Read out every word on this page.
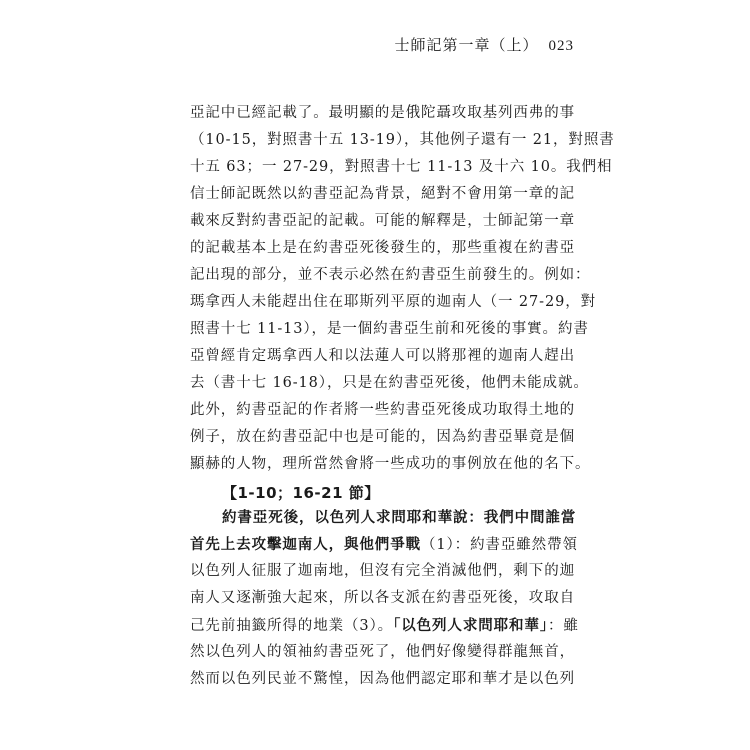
士師記第一章（上） 023
亞記中已經記載了。最明顯的是俄陀聶攻取基列西弗的事
（10-15，對照書十五 13-19），其他例子還有一 21，對照書
十五 63；一 27-29，對照書十七 11-13 及十六 10。我們相
信士師記既然以約書亞記為背景，絕對不會用第一章的記
載來反對約書亞記的記載。可能的解釋是，士師記第一章
的記載基本上是在約書亞死後發生的，那些重複在約書亞
記出現的部分，並不表示必然在約書亞生前發生的。例如：
瑪拿西人未能趕出住在耶斯列平原的迦南人（一 27-29，對
照書十七 11-13），是一個約書亞生前和死後的事實。約書
亞曾經肯定瑪拿西人和以法蓮人可以將那裡的迦南人趕出
去（書十七 16-18），只是在約書亞死後，他們未能成就。
此外，約書亞記的作者將一些約書亞死後成功取得土地的
例子，放在約書亞記中也是可能的，因為約書亞畢竟是個
顯赫的人物，理所當然會將一些成功的事例放在他的名下。
【1-10；16-21 節】
約書亞死後，以色列人求問耶和華說：我們中間誰當
首先上去攻擊迦南人，與他們爭戰（1）：約書亞雖然帶領
以色列人征服了迦南地，但沒有完全消滅他們，剩下的迦
南人又逐漸強大起來，所以各支派在約書亞死後，攻取自
己先前抽籤所得的地業（3）。「以色列人求問耶和華」：雖
然以色列人的領袖約書亞死了，他們好像變得群龍無首，
然而以色列民並不驚惶，因為他們認定耶和華才是以色列
